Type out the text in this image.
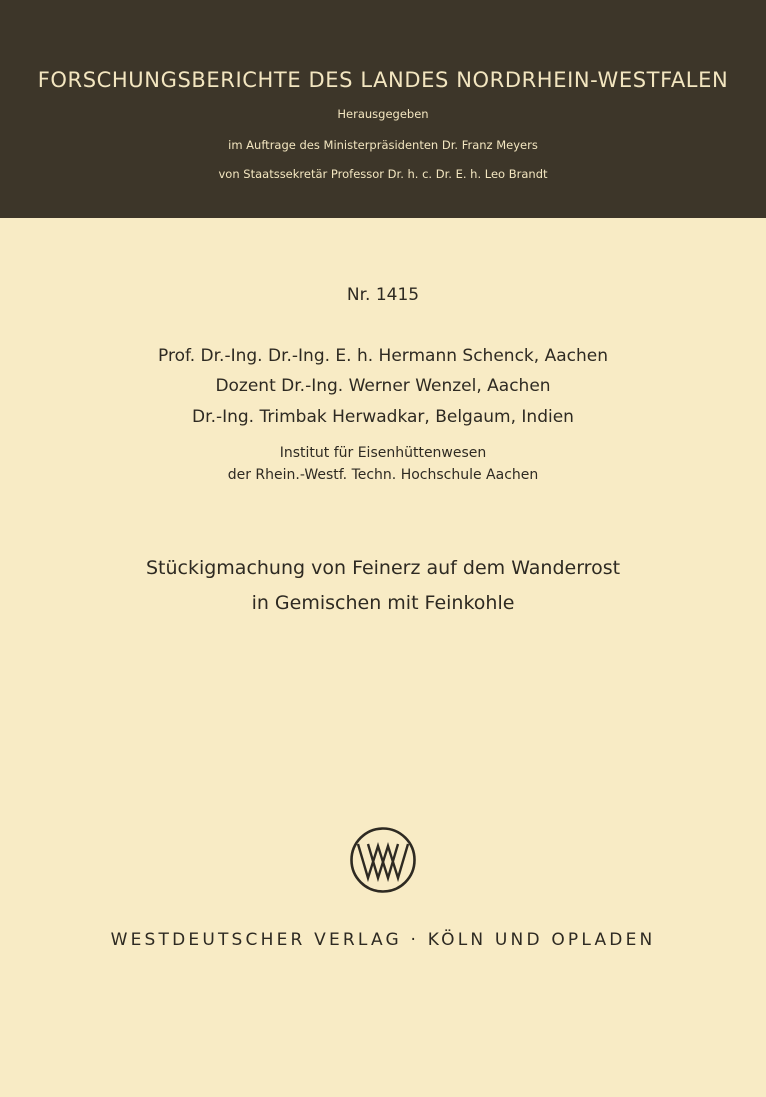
FORSCHUNGSBERICHTE DES LANDES NORDRHEIN-WESTFALEN
Herausgegeben
im Auftrage des Ministerpräsidenten Dr. Franz Meyers
von Staatssekretär Professor Dr. h. c. Dr. E. h. Leo Brandt
Nr. 1415
Prof. Dr.-Ing. Dr.-Ing. E. h. Hermann Schenck, Aachen
Dozent Dr.-Ing. Werner Wenzel, Aachen
Dr.-Ing. Trimbak Herwadkar, Belgaum, Indien
Institut für Eisenhüttenwesen
der Rhein.-Westf. Techn. Hochschule Aachen
Stückigmachung von Feinerz auf dem Wanderrost
in Gemischen mit Feinkohle
WESTDEUTSCHER VERLAG · KÖLN UND OPLADEN
